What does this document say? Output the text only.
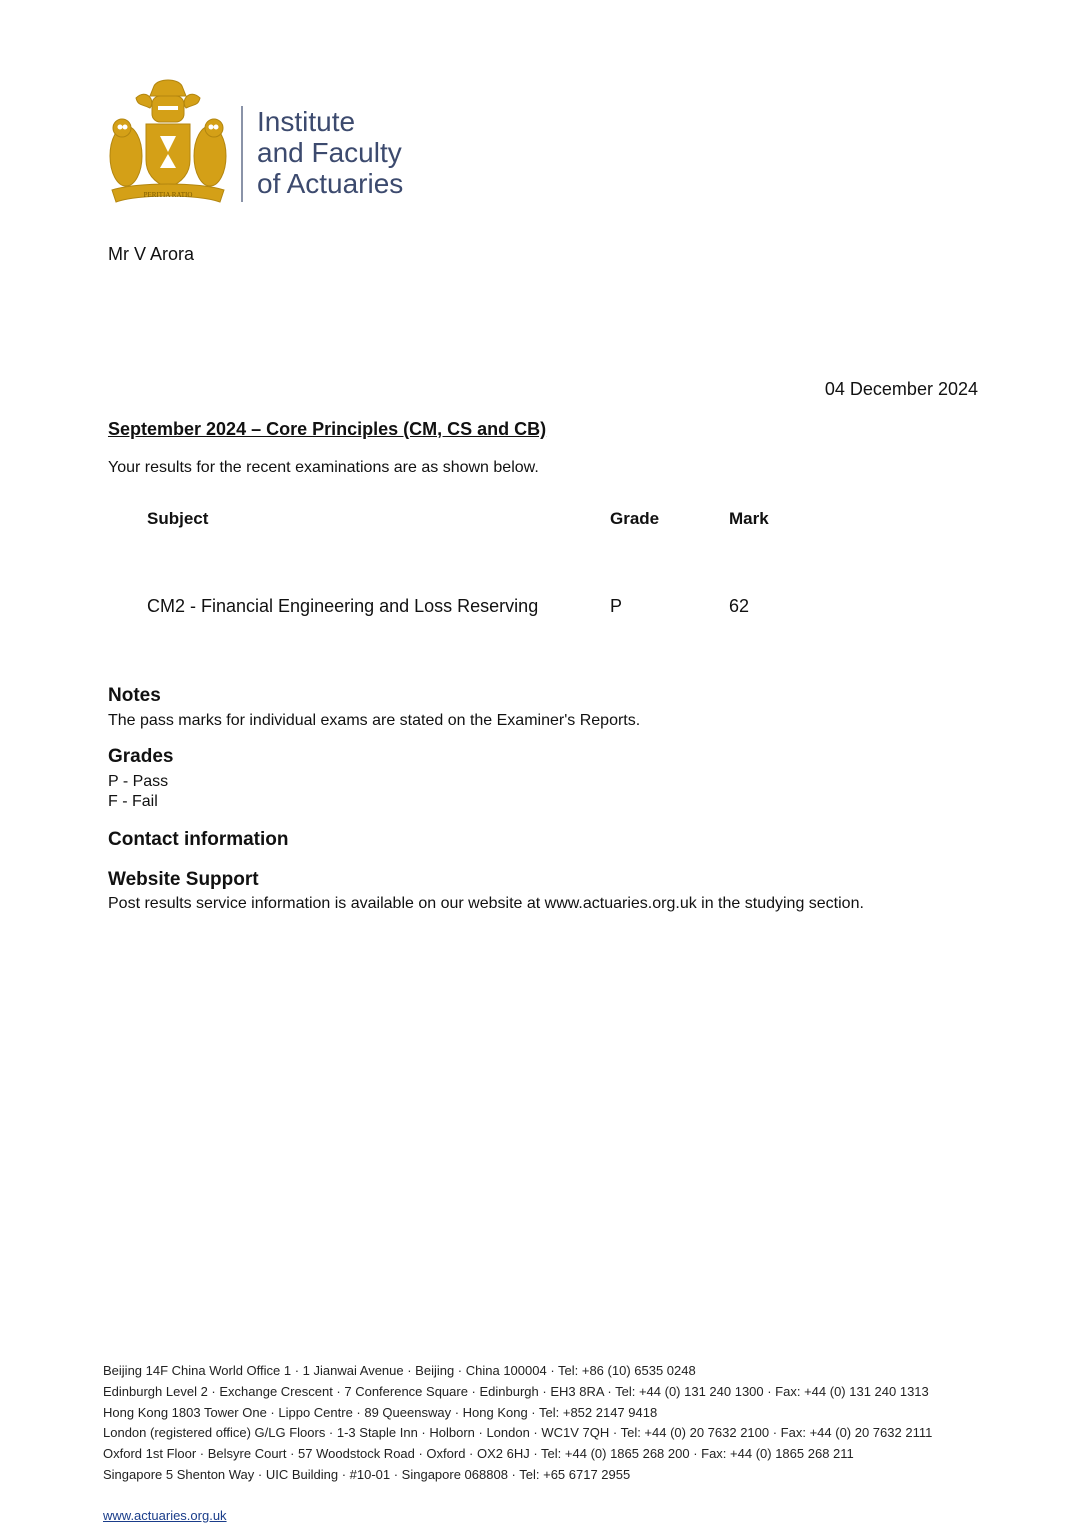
PERITIA RATIO
Institute
and Faculty
of Actuaries
Mr V Arora
04 December 2024
September 2024 – Core Principles (CM, CS and CB)
Your results for the recent examinations are as shown below.
Subject	Grade	Mark
CM2 - Financial Engineering and Loss Reserving	P	62
Notes
The pass marks for individual exams are stated on the Examiner's Reports.
Grades
P - Pass
F - Fail
Contact information
Website Support
Post results service information is available on our website at www.actuaries.org.uk in the studying section.
Beijing 14F China World Office 1 · 1 Jianwai Avenue · Beijing · China 100004 · Tel: +86 (10) 6535 0248
Edinburgh Level 2 · Exchange Crescent · 7 Conference Square · Edinburgh · EH3 8RA · Tel: +44 (0) 131 240 1300 · Fax: +44 (0) 131 240 1313
Hong Kong 1803 Tower One · Lippo Centre · 89 Queensway · Hong Kong · Tel: +852 2147 9418
London (registered office) G/LG Floors · 1-3 Staple Inn · Holborn · London · WC1V 7QH · Tel: +44 (0) 20 7632 2100 · Fax: +44 (0) 20 7632 2111
Oxford 1st Floor · Belsyre Court · 57 Woodstock Road · Oxford · OX2 6HJ · Tel: +44 (0) 1865 268 200 · Fax: +44 (0) 1865 268 211
Singapore 5 Shenton Way · UIC Building · #10-01 · Singapore 068808 · Tel: +65 6717 2955
www.actuaries.org.uk
